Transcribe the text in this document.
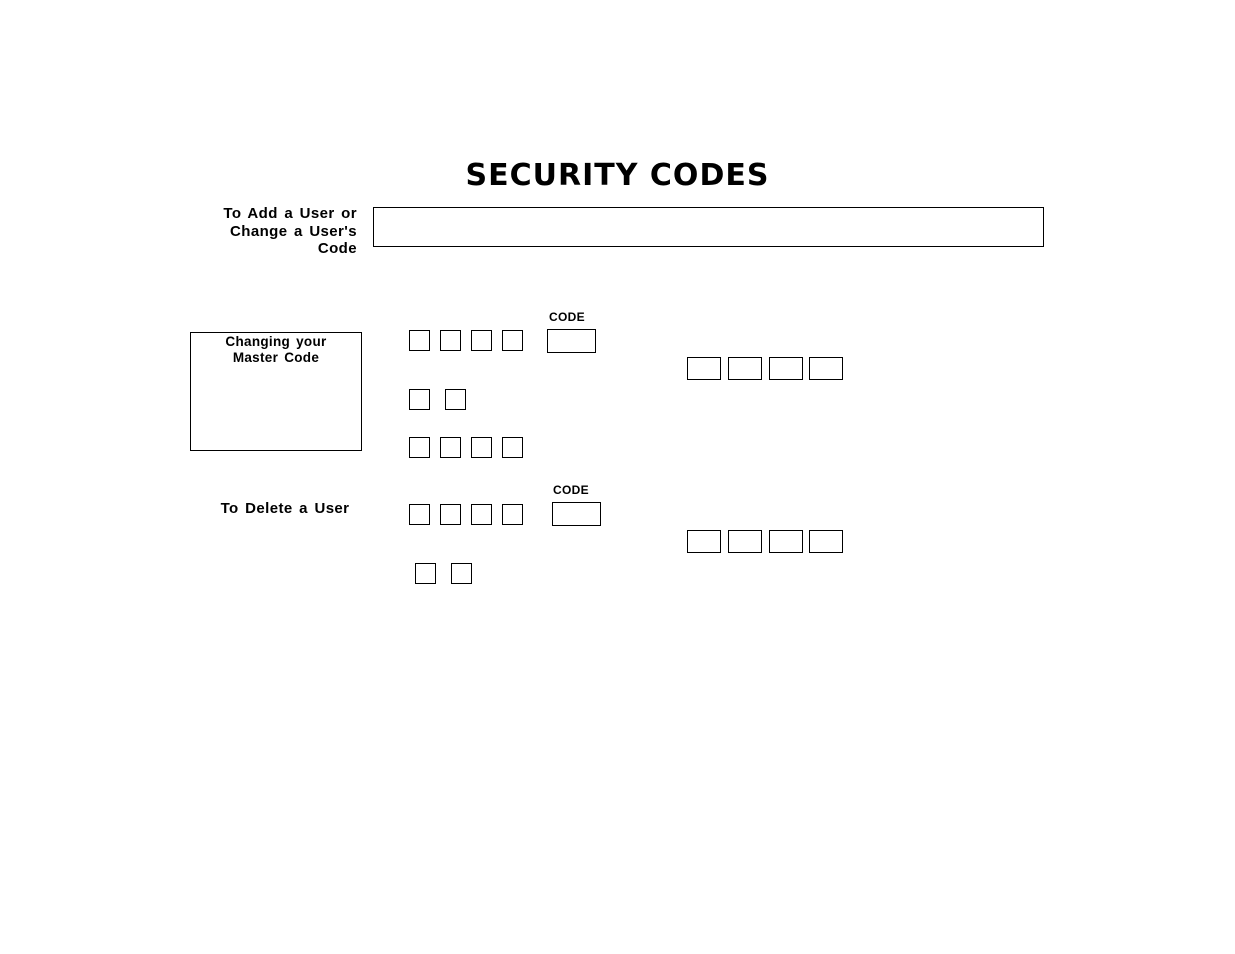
SECURITY CODES
To Add a User or
Change a User's
Code
Changing your
Master Code
CODE
To Delete a User
CODE
